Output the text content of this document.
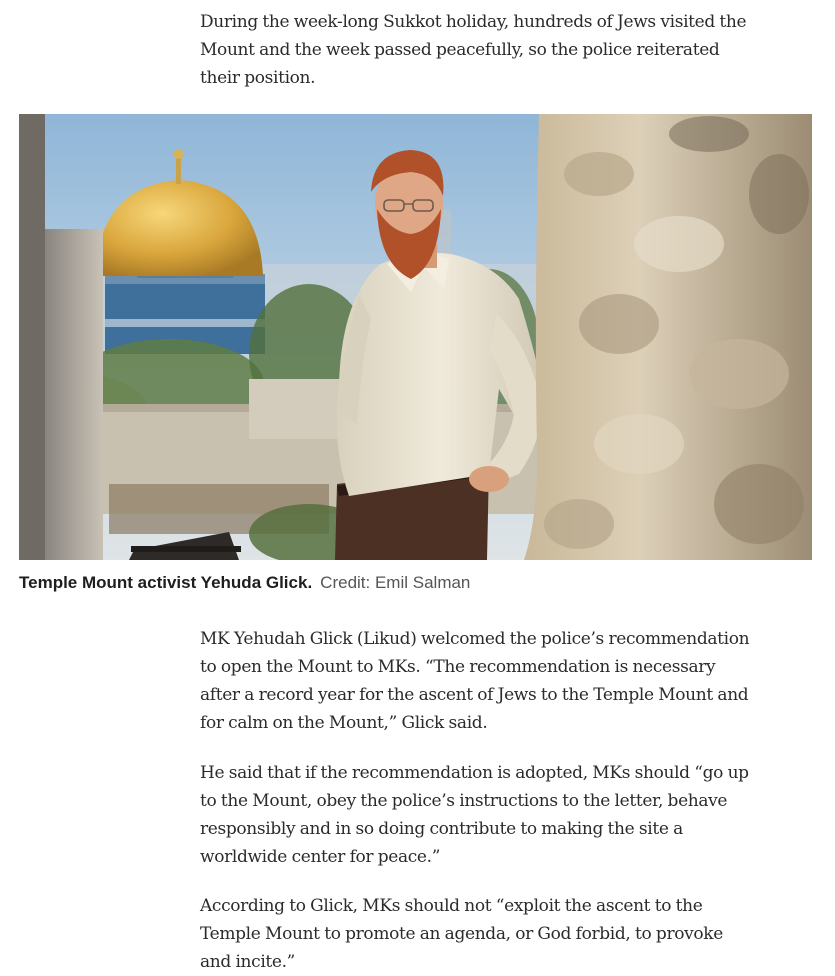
During the week-long Sukkot holiday, hundreds of Jews visited the Mount and the week passed peacefully, so the police reiterated their position.

Temple Mount activist Yehuda Glick. Credit: Emil Salman

MK Yehudah Glick (Likud) welcomed the police’s recommendation to open the Mount to MKs. “The recommendation is necessary after a record year for the ascent of Jews to the Temple Mount and for calm on the Mount,” Glick said.

He said that if the recommendation is adopted, MKs should “go up to the Mount, obey the police’s instructions to the letter, behave responsibly and in so doing contribute to making the site a worldwide center for peace.”

According to Glick, MKs should not “exploit the ascent to the Temple Mount to promote an agenda, or God forbid, to provoke and incite.”
